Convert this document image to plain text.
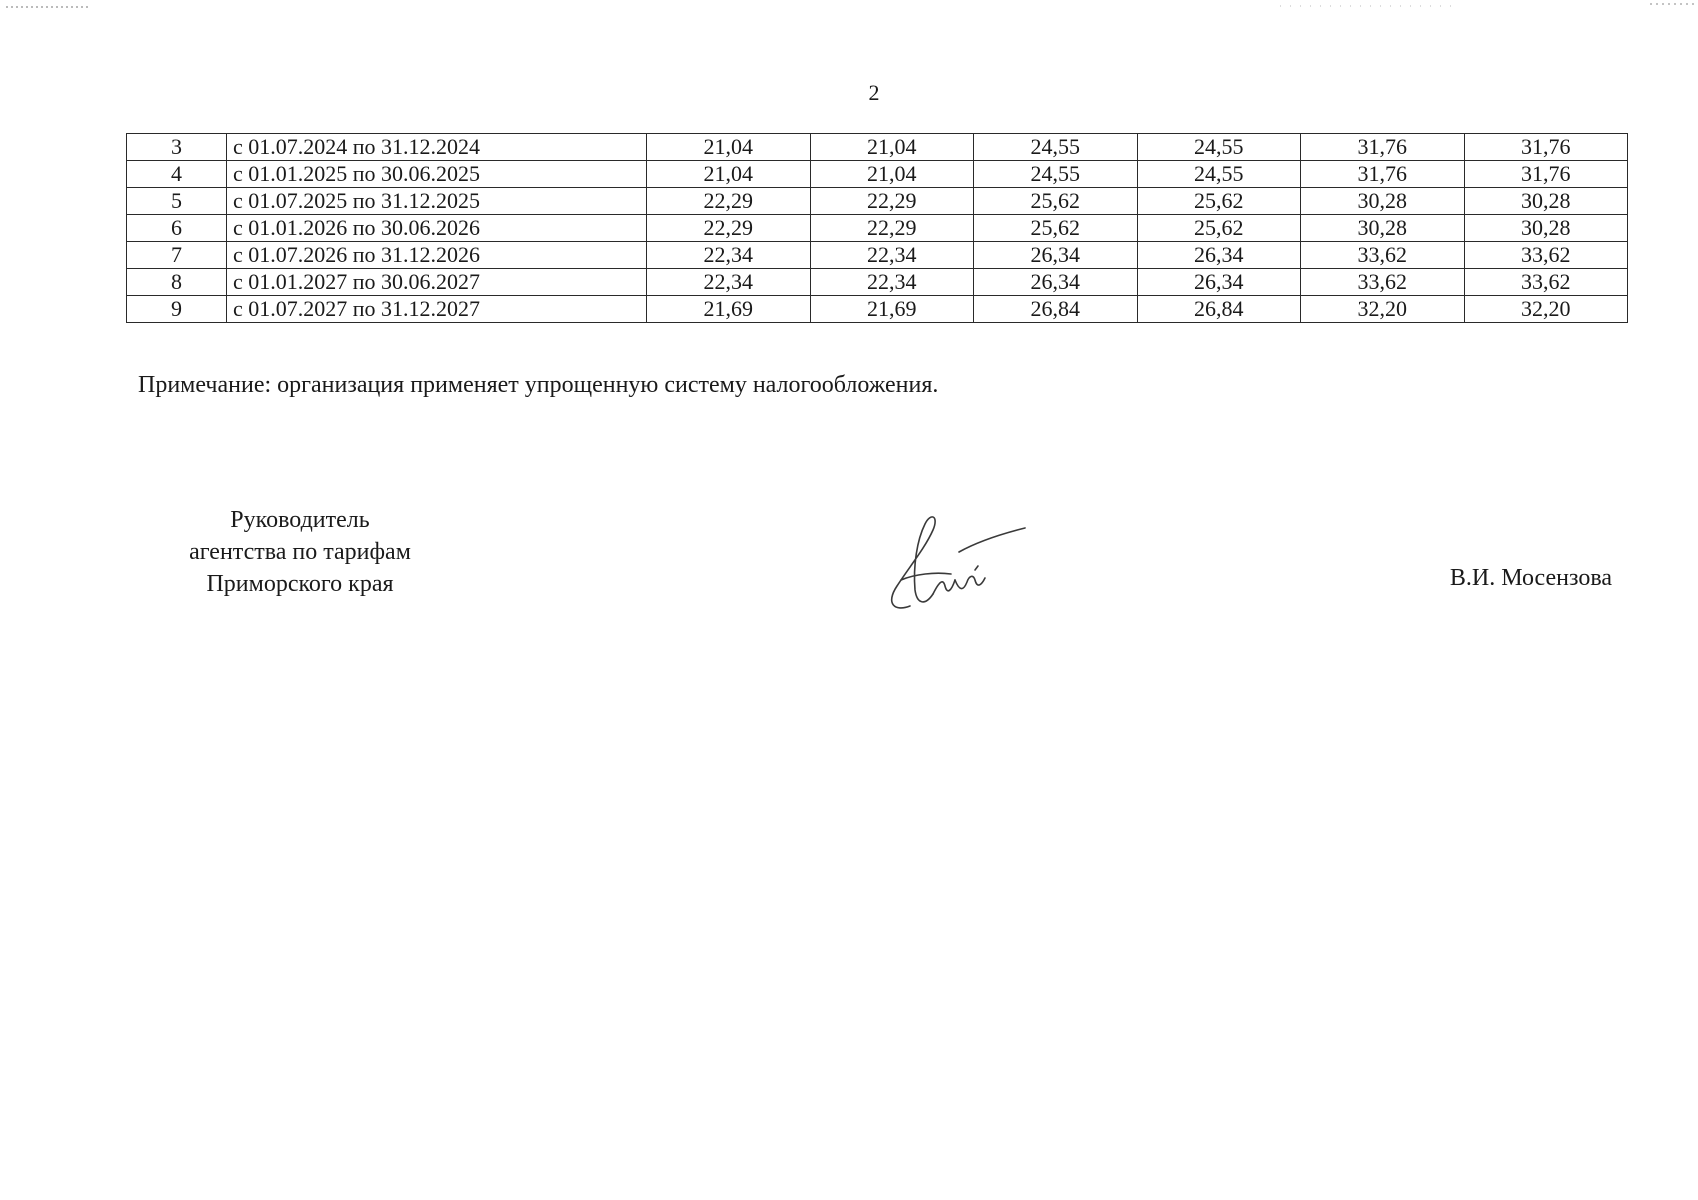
2
3	с 01.07.2024 по 31.12.2024	21,04	21,04	24,55	24,55	31,76	31,76
4	с 01.01.2025 по 30.06.2025	21,04	21,04	24,55	24,55	31,76	31,76
5	с 01.07.2025 по 31.12.2025	22,29	22,29	25,62	25,62	30,28	30,28
6	с 01.01.2026 по 30.06.2026	22,29	22,29	25,62	25,62	30,28	30,28
7	с 01.07.2026 по 31.12.2026	22,34	22,34	26,34	26,34	33,62	33,62
8	с 01.01.2027 по 30.06.2027	22,34	22,34	26,34	26,34	33,62	33,62
9	с 01.07.2027 по 31.12.2027	21,69	21,69	26,84	26,84	32,20	32,20
Примечание: организация применяет упрощенную систему налогообложения.
Руководитель
агентства по тарифам
Приморского края	В.И. Мосензова
